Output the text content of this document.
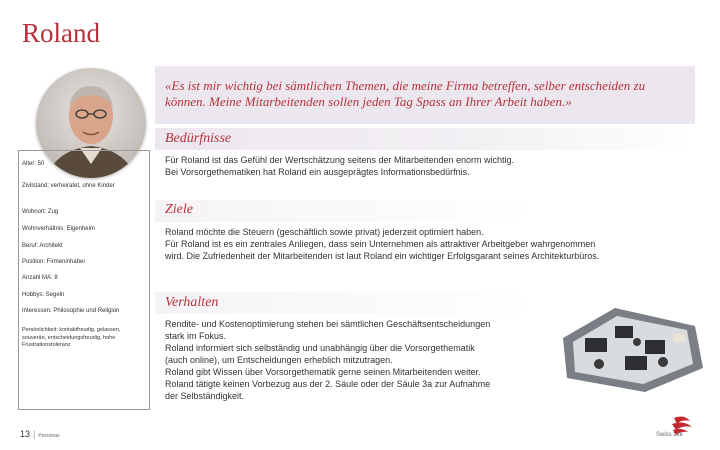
Roland
«Es ist mir wichtig bei sämtlichen Themen, die meine Firma betreffen, selber entscheiden zu können. Meine Mitarbeitenden sollen jeden Tag Spass an Ihrer Arbeit haben.»
Bedürfnisse
Für Roland ist das Gefühl der Wertschätzung seitens der Mitarbeitenden enorm wichtig.
Bei Vorsorgethematiken hat Roland ein ausgeprägtes Informationsbedürfnis.
Ziele
Roland möchte die Steuern (geschäftlich sowie privat) jederzeit optimiert haben.
Für Roland ist es ein zentrales Anliegen, dass sein Unternehmen als attraktiver Arbeitgeber wahrgenommen
wird. Die Zufriedenheit der Mitarbeitenden ist laut Roland ein wichtiger Erfolgsgarant seines Architekturbüros.
Verhalten
Rendite- und Kostenoptimierung stehen bei sämtlichen Geschäftsentscheidungen
stark im Fokus.
Roland informiert sich selbständig und unabhängig über die Vorsorgethematik
(auch online), um Entscheidungen erheblich mitzutragen.
Roland gibt Wissen über Vorsorgethematik gerne seinen Mitarbeitenden weiter.
Roland tätigte keinen Vorbezug aus der 2. Säule oder der Säule 3a zur Aufnahme
der Selbständigkeit.
Alter: 50
Zivilstand: verheiratet, ohne Kinder
Wohnort: Zug
Wohnverhältnis: Eigenheim
Beruf: Architekt
Position: Firmeninhaber
Anzahl MA: 8
Hobbys: Segeln
Interessen: Philosophie und Religion
Persönlichkeit: kontaktfreudig, gelassen, souverän, entscheidungsfreudig, hohe Frustrationstoleranz
13 | Personas	Swiss Life
